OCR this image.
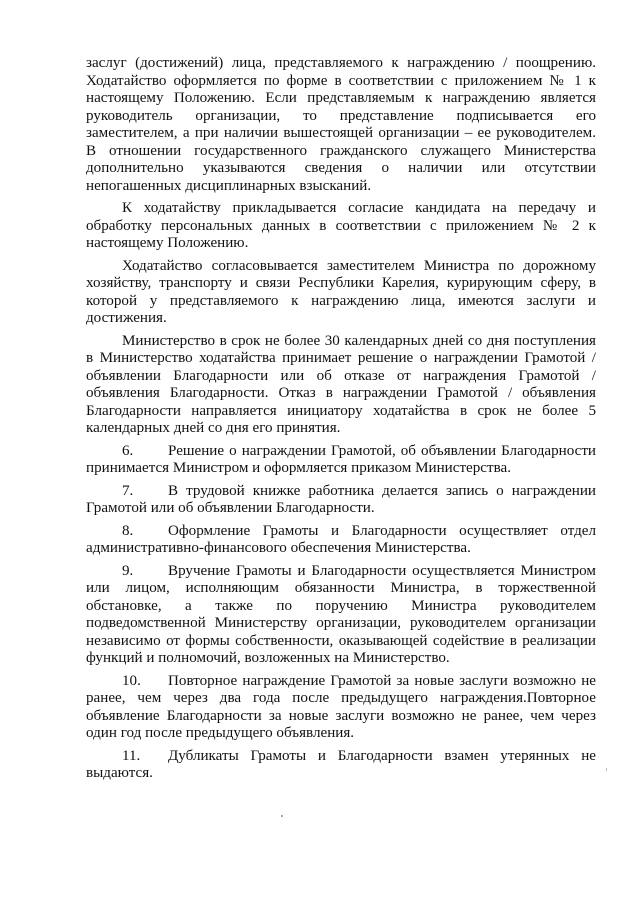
заслуг (достижений) лица, представляемого к награждению / поощрению. Ходатайство оформляется по форме в соответствии с приложением № 1 к настоящему Положению. Если представляемым к награждению является руководитель организации, то представление подписывается его заместителем, а при наличии вышестоящей организации – ее руководителем. В отношении государственного гражданского служащего Министерства дополнительно указываются сведения о наличии или отсутствии непогашенных дисциплинарных взысканий.

К ходатайству прикладывается согласие кандидата на передачу и обработку персональных данных в соответствии с приложением № 2 к настоящему Положению.

Ходатайство согласовывается заместителем Министра по дорожному хозяйству, транспорту и связи Республики Карелия, курирующим сферу, в которой у представляемого к награждению лица, имеются заслуги и достижения.

Министерство в срок не более 30 календарных дней со дня поступления в Министерство ходатайства принимает решение о награждении Грамотой / объявлении Благодарности или об отказе от награждения Грамотой / объявления Благодарности. Отказ в награждении Грамотой / объявления Благодарности направляется инициатору ходатайства в срок не более 5 календарных дней со дня его принятия.

6. Решение о награждении Грамотой, об объявлении Благодарности принимается Министром и оформляется приказом Министерства.

7. В трудовой книжке работника делается запись о награждении Грамотой или об объявлении Благодарности.

8. Оформление Грамоты и Благодарности осуществляет отдел административно-финансового обеспечения Министерства.

9. Вручение Грамоты и Благодарности осуществляется Министром или лицом, исполняющим обязанности Министра, в торжественной обстановке, а также по поручению Министра руководителем подведомственной Министерству организации, руководителем организации независимо от формы собственности, оказывающей содействие в реализации функций и полномочий, возложенных на Министерство.

10. Повторное награждение Грамотой за новые заслуги возможно не ранее, чем через два года после предыдущего награждения.Повторное объявление Благодарности за новые заслуги возможно не ранее, чем через один год после предыдущего объявления.

11. Дубликаты Грамоты и Благодарности взамен утерянных не выдаются.
